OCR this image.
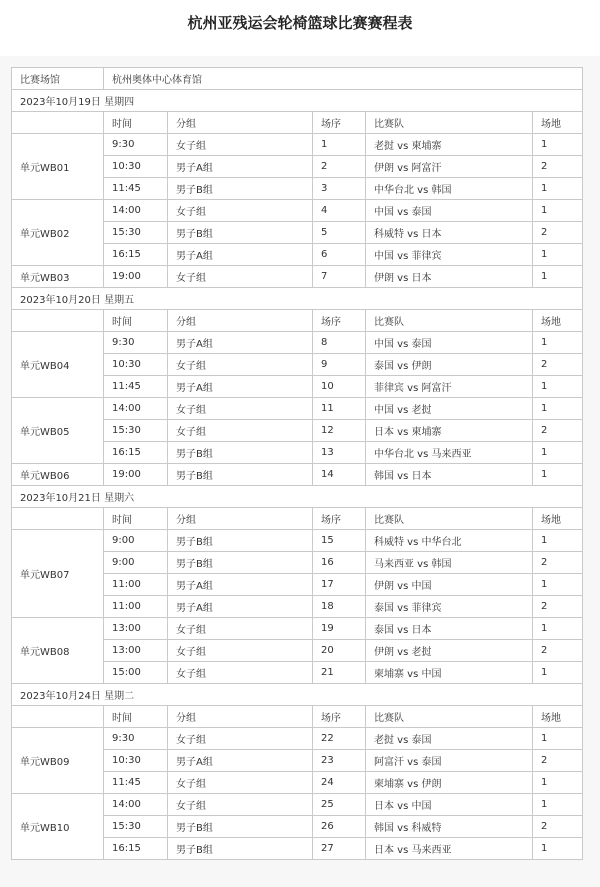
杭州亚残运会轮椅篮球比赛赛程表
比赛场馆	杭州奥体中心体育馆				
2023年10月19日 星期四					
	时间	分组	场序	比赛队	场地
单元WB01	9:30	女子组	1	老挝 vs 柬埔寨	1
	10:30	男子A组	2	伊朗 vs 阿富汗	2
	11:45	男子B组	3	中华台北 vs 韩国	1
单元WB02	14:00	女子组	4	中国 vs 泰国	1
	15:30	男子B组	5	科威特 vs 日本	2
	16:15	男子A组	6	中国 vs 菲律宾	1
单元WB03	19:00	女子组	7	伊朗 vs 日本	1
2023年10月20日 星期五					
	时间	分组	场序	比赛队	场地
单元WB04	9:30	男子A组	8	中国 vs 泰国	1
	10:30	女子组	9	泰国 vs 伊朗	2
	11:45	男子A组	10	菲律宾 vs 阿富汗	1
单元WB05	14:00	女子组	11	中国 vs 老挝	1
	15:30	女子组	12	日本 vs 柬埔寨	2
	16:15	男子B组	13	中华台北 vs 马来西亚	1
单元WB06	19:00	男子B组	14	韩国 vs 日本	1
2023年10月21日 星期六					
	时间	分组	场序	比赛队	场地
单元WB07	9:00	男子B组	15	科威特 vs 中华台北	1
	9:00	男子B组	16	马来西亚 vs 韩国	2
	11:00	男子A组	17	伊朗 vs 中国	1
	11:00	男子A组	18	泰国 vs 菲律宾	2
单元WB08	13:00	女子组	19	泰国 vs 日本	1
	13:00	女子组	20	伊朗 vs 老挝	2
	15:00	女子组	21	柬埔寨 vs 中国	1
2023年10月24日 星期二					
	时间	分组	场序	比赛队	场地
单元WB09	9:30	女子组	22	老挝 vs 泰国	1
	10:30	男子A组	23	阿富汗 vs 泰国	2
	11:45	女子组	24	柬埔寨 vs 伊朗	1
单元WB10	14:00	女子组	25	日本 vs 中国	1
	15:30	男子B组	26	韩国 vs 科威特	2
	16:15	男子B组	27	日本 vs 马来西亚	1
